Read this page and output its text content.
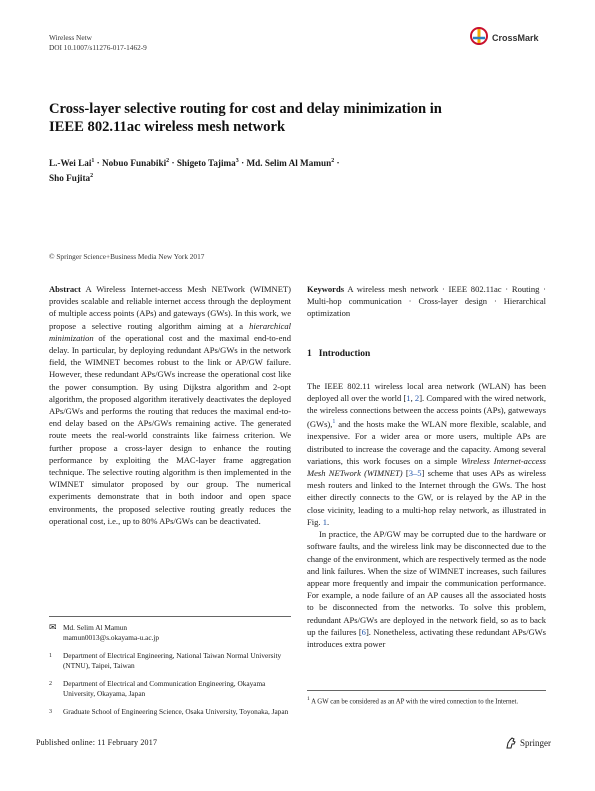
Wireless Netw
DOI 10.1007/s11276-017-1462-9
CrossMark
Cross-layer selective routing for cost and delay minimization in IEEE 802.11ac wireless mesh network
L.-Wei Lai$^1$ · Nobuo Funabiki$^2$ · Shigeto Tajima$^3$ · Md. Selim Al Mamun$^2$ ·
Sho Fujita$^2$
© Springer Science+Business Media New York 2017

Abstract A Wireless Internet-access Mesh NETwork (WIMNET) provides scalable and reliable internet access through the deployment of multiple access points (APs) and gateways (GWs). In this work, we propose a selective routing algorithm aiming at a hierarchical minimization of the operational cost and the maximal end-to-end delay. In particular, by deploying redundant APs/GWs in the network field, the WIMNET becomes robust to the link or AP/GW failure. However, these redundant APs/GWs increase the operational cost like the power consumption. By using Dijkstra algorithm and 2-opt algorithm, the proposed algorithm iteratively deactivates the deployed APs/GWs and performs the routing that reduces the maximal end-to-end delay based on the APs/GWs remaining active. The generated route meets the real-world constraints like fairness criterion. We further propose a cross-layer design to enhance the routing performance by exploiting the MAC-layer frame aggregation technique. The selective routing algorithm is then implemented in the WIMNET simulator proposed by our group. The numerical experiments demonstrate that in both indoor and open space environments, the proposed selective routing greatly reduces the operational cost, i.e., up to 80% APs/GWs can be deactivated.

✉ Md. Selim Al Mamun
mamun0013@s.okayama-u.ac.jp
1	Department of Electrical Engineering, National Taiwan Normal University (NTNU), Taipei, Taiwan
2	Department of Electrical and Communication Engineering, Okayama University, Okayama, Japan
3	Graduate School of Engineering Science, Osaka University, Toyonaka, Japan

Keywords A wireless mesh network · IEEE 802.11ac · Routing · Multi-hop communication · Cross-layer design · Hierarchical optimization

1 Introduction

The IEEE 802.11 wireless local area network (WLAN) has been deployed all over the world [1, 2]. Compared with the wired network, the wireless connections between the access points (APs), gatweways (GWs),$^1$ and the hosts make the WLAN more flexible, scalable, and inexpensive. For a wider area or more users, multiple APs are distributed to increase the coverage and the capacity. Among several variations, this work focuses on a simple Wireless Internet-access Mesh NETwork (WIMNET) [3–5] scheme that uses APs as wireless mesh routers and linked to the Internet through the GWs. The host either directly connects to the GW, or is relayed by the AP in the close vicinity, leading to a multi-hop relay network, as illustrated in Fig. 1.

In practice, the AP/GW may be corrupted due to the hardware or software faults, and the wireless link may be disconnected due to the change of the environment, which are respectively termed as the node and link failures. When the size of WIMNET increases, such failures appear more frequently and impair the communication performance. For example, a node failure of an AP causes all the associated hosts to be disconnected from the networks. To solve this problem, redundant APs/GWs are deployed in the network field, so as to back up the failures [6]. Nonetheless, activating these redundant APs/GWs introduces extra power

$^1$ A GW can be considered as an AP with the wired connection to the Internet.
Published online: 11 February 2017	Springer
